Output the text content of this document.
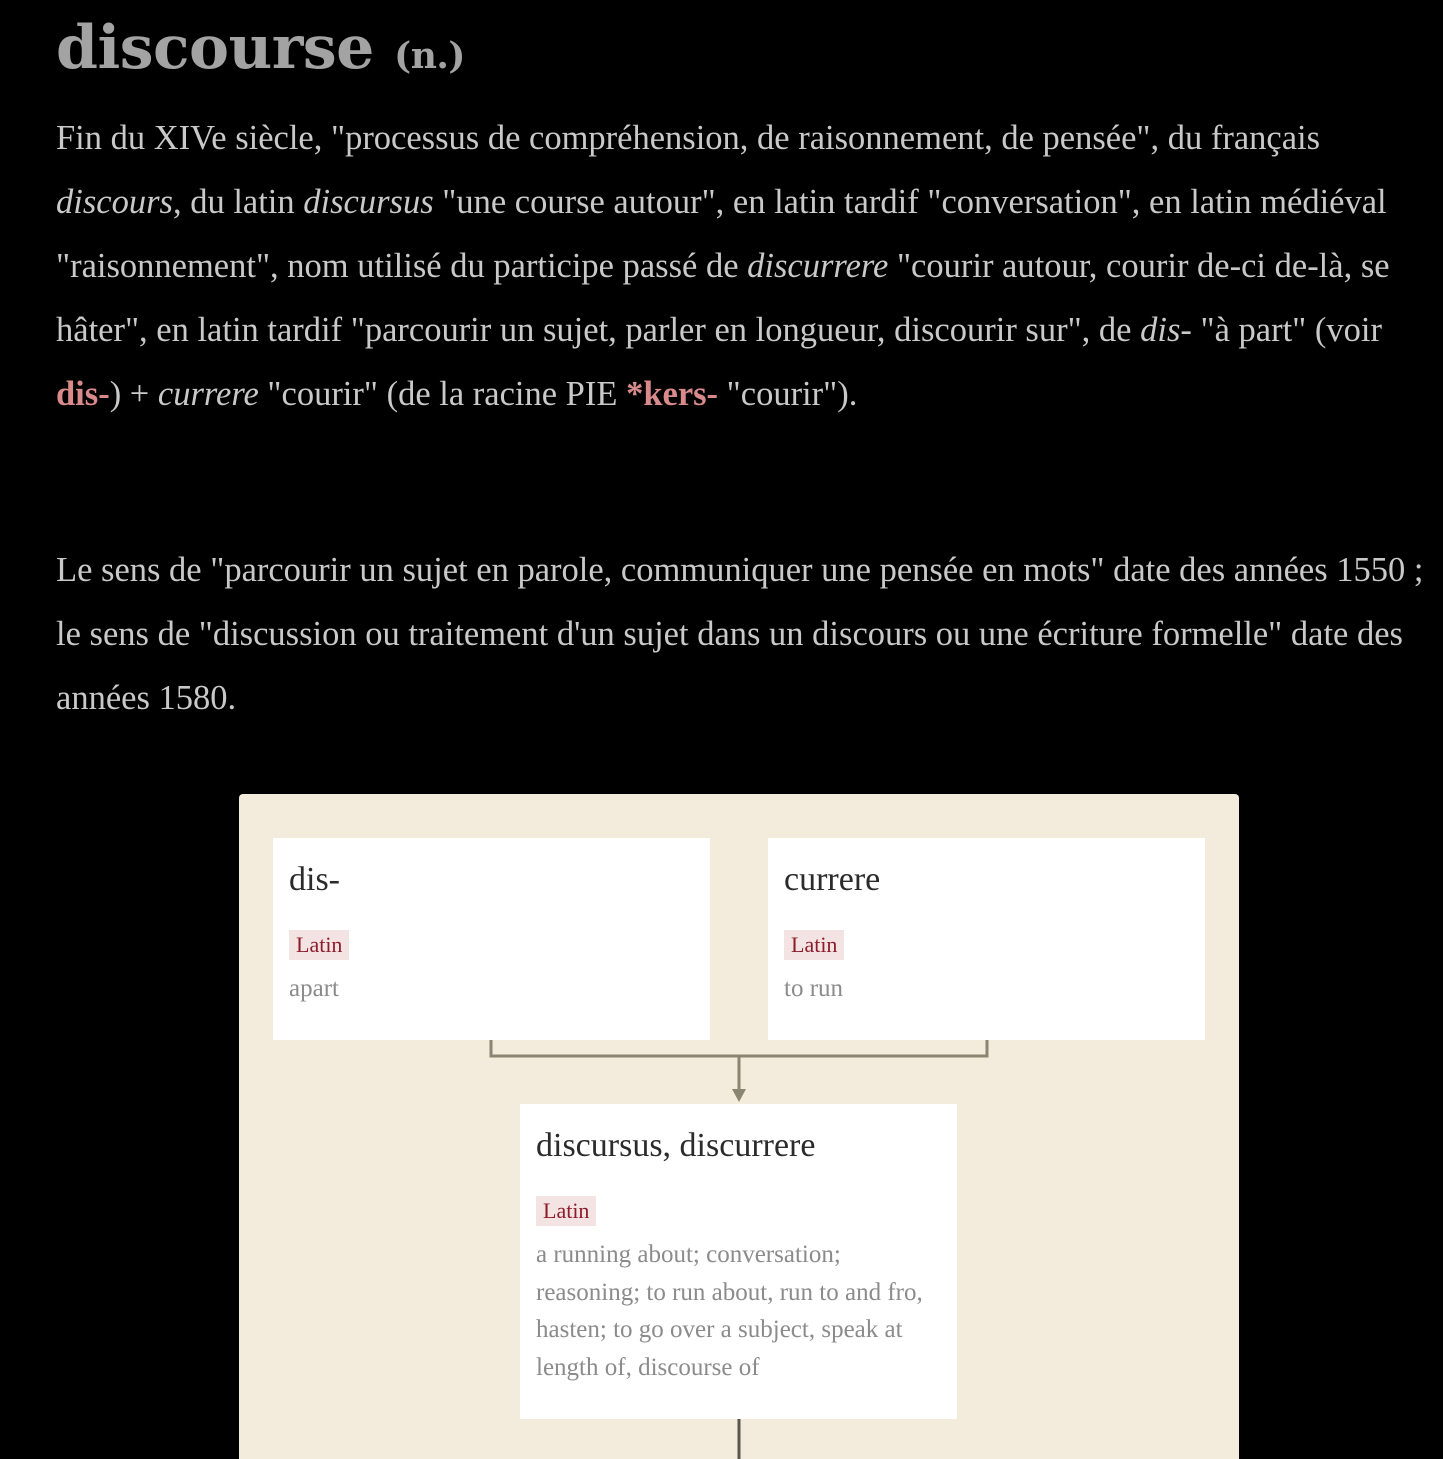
discourse (n.)

Fin du XIVe siècle, "processus de compréhension, de raisonnement, de pensée", du français discours, du latin discursus "une course autour", en latin tardif "conversation", en latin médiéval "raisonnement", nom utilisé du participe passé de discurrere "courir autour, courir de-ci de-là, se hâter", en latin tardif "parcourir un sujet, parler en longueur, discourir sur", de dis- "à part" (voir dis-) + currere "courir" (de la racine PIE *kers- "courir").

Le sens de "parcourir un sujet en parole, communiquer une pensée en mots" date des années 1550 ; le sens de "discussion ou traitement d'un sujet dans un discours ou une écriture formelle" date des années 1580.

dis-
Latin
apart
currere
Latin
to run
discursus, discurrere
Latin
a running about; conversation; reasoning; to run about, run to and fro, hasten; to go over a subject, speak at length of, discourse of
